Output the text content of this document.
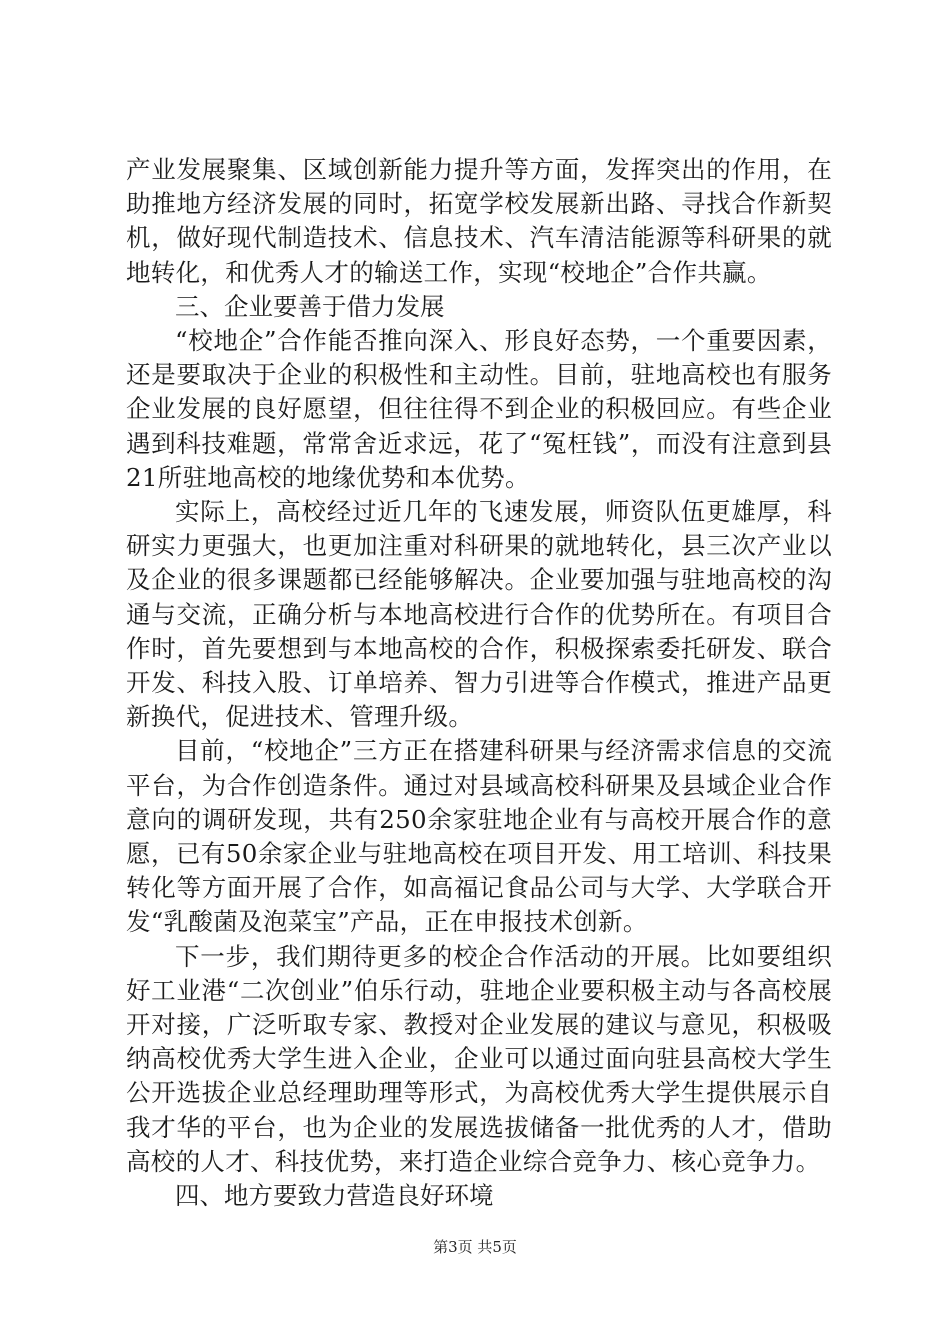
产业发展聚集、区域创新能力提升等方面，发挥突出的作用，在助推地方经济发展的同时，拓宽学校发展新出路、寻找合作新契机，做好现代制造技术、信息技术、汽车清洁能源等科研果的就地转化，和优秀人才的输送工作，实现“校地企”合作共赢。

三、企业要善于借力发展

“校地企”合作能否推向深入、形良好态势，一个重要因素，还是要取决于企业的积极性和主动性。目前，驻地高校也有服务企业发展的良好愿望，但往往得不到企业的积极回应。有些企业遇到科技难题，常常舍近求远，花了“冤枉钱”，而没有注意到县21所驻地高校的地缘优势和本优势。

实际上，高校经过近几年的飞速发展，师资队伍更雄厚，科研实力更强大，也更加注重对科研果的就地转化，县三次产业以及企业的很多课题都已经能够解决。企业要加强与驻地高校的沟通与交流，正确分析与本地高校进行合作的优势所在。有项目合作时，首先要想到与本地高校的合作，积极探索委托研发、联合开发、科技入股、订单培养、智力引进等合作模式，推进产品更新换代，促进技术、管理升级。

目前，“校地企”三方正在搭建科研果与经济需求信息的交流平台，为合作创造条件。通过对县域高校科研果及县域企业合作意向的调研发现，共有250余家驻地企业有与高校开展合作的意愿，已有50余家企业与驻地高校在项目开发、用工培训、科技果转化等方面开展了合作，如高福记食品公司与大学、大学联合开发“乳酸菌及泡菜宝”产品，正在申报技术创新。

下一步，我们期待更多的校企合作活动的开展。比如要组织好工业港“二次创业”伯乐行动，驻地企业要积极主动与各高校展开对接，广泛听取专家、教授对企业发展的建议与意见，积极吸纳高校优秀大学生进入企业，企业可以通过面向驻县高校大学生公开选拔企业总经理助理等形式，为高校优秀大学生提供展示自我才华的平台，也为企业的发展选拔储备一批优秀的人才，借助高校的人才、科技优势，来打造企业综合竞争力、核心竞争力。

四、地方要致力营造良好环境

第3页 共5页
